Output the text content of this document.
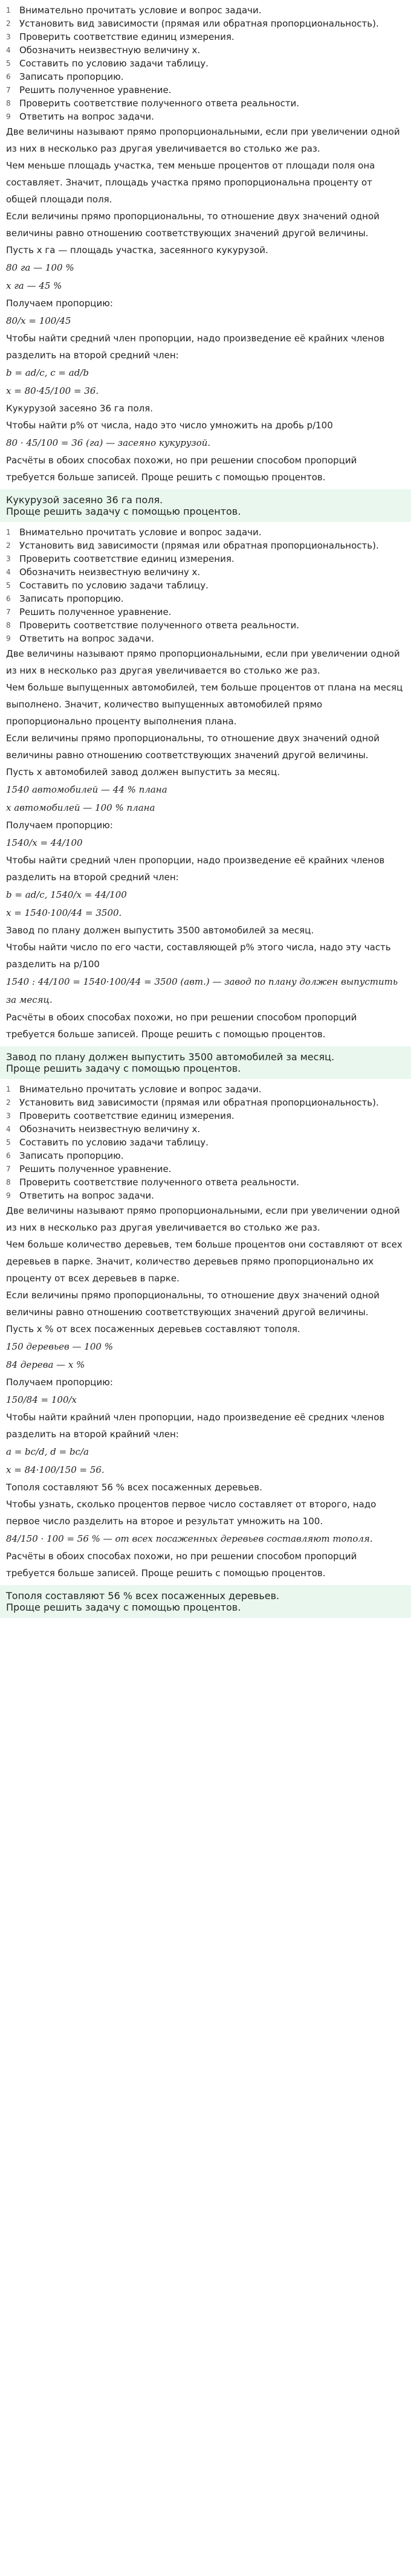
1 Внимательно прочитать условие и вопрос задачи.
2 Установить вид зависимости (прямая или обратная пропорциональность).
3 Проверить соответствие единиц измерения.
4 Обозначить неизвестную величину x.
5 Составить по условию задачи таблицу.
6 Записать пропорцию.
7 Решить полученное уравнение.
8 Проверить соответствие полученного ответа реальности.
9 Ответить на вопрос задачи.

Две величины называют прямо пропорциональными, если при увеличении одной из них в несколько раз другая увеличивается во столько же раз.

Чем меньше площадь участка, тем меньше процентов от площади поля она составляет. Значит, площадь участка прямо пропорциональна проценту от общей площади поля.

Если величины прямо пропорциональны, то отношение двух значений одной величины равно отношению соответствующих значений другой величины.

Пусть x га — площадь участка, засеянного кукурузой.

80 га — 100 %

x га — 45 %

Получаем пропорцию:

80/x = 100/45

Чтобы найти средний член пропорции, надо произведение её крайних членов разделить на второй средний член:

b = ad/c, c = ad/b

x = 80·45/100 = 36.

Кукурузой засеяно 36 га поля.

Чтобы найти p% от числа, надо это число умножить на дробь p/100

80 · 45/100 = 36 (га) — засеяно кукурузой.

Расчёты в обоих способах похожи, но при решении способом пропорций требуется больше записей. Проще решить с помощью процентов.

Кукурузой засеяно 36 га поля.
Проще решить задачу с помощью процентов.
1 Внимательно прочитать условие и вопрос задачи.
2 Установить вид зависимости (прямая или обратная пропорциональность).
3 Проверить соответствие единиц измерения.
4 Обозначить неизвестную величину x.
5 Составить по условию задачи таблицу.
6 Записать пропорцию.
7 Решить полученное уравнение.
8 Проверить соответствие полученного ответа реальности.
9 Ответить на вопрос задачи.

Две величины называют прямо пропорциональными, если при увеличении одной из них в несколько раз другая увеличивается во столько же раз.

Чем больше выпущенных автомобилей, тем больше процентов от плана на месяц выполнено. Значит, количество выпущенных автомобилей прямо пропорционально проценту выполнения плана.

Если величины прямо пропорциональны, то отношение двух значений одной величины равно отношению соответствующих значений другой величины.

Пусть x автомобилей завод должен выпустить за месяц.

1540 автомобилей — 44 % плана

x автомобилей — 100 % плана

Получаем пропорцию:

1540/x = 44/100

Чтобы найти средний член пропорции, надо произведение её крайних членов разделить на второй средний член:

b = ad/c, 1540/x = 44/100

x = 1540·100/44 = 3500.

Завод по плану должен выпустить 3500 автомобилей за месяц.

Чтобы найти число по его части, составляющей p% этого числа, надо эту часть разделить на p/100

1540 : 44/100 = 1540·100/44 = 3500 (авт.) — завод по плану должен выпустить за месяц.

Расчёты в обоих способах похожи, но при решении способом пропорций требуется больше записей. Проще решить с помощью процентов.

Завод по плану должен выпустить 3500 автомобилей за месяц.
Проще решить задачу с помощью процентов.
1 Внимательно прочитать условие и вопрос задачи.
2 Установить вид зависимости (прямая или обратная пропорциональность).
3 Проверить соответствие единиц измерения.
4 Обозначить неизвестную величину x.
5 Составить по условию задачи таблицу.
6 Записать пропорцию.
7 Решить полученное уравнение.
8 Проверить соответствие полученного ответа реальности.
9 Ответить на вопрос задачи.

Две величины называют прямо пропорциональными, если при увеличении одной из них в несколько раз другая увеличивается во столько же раз.

Чем больше количество деревьев, тем больше процентов они составляют от всех деревьев в парке. Значит, количество деревьев прямо пропорционально их проценту от всех деревьев в парке.

Если величины прямо пропорциональны, то отношение двух значений одной величины равно отношению соответствующих значений другой величины.

Пусть x % от всех посаженных деревьев составляют тополя.

150 деревьев — 100 %

84 дерева — x %

Получаем пропорцию:

150/84 = 100/x

Чтобы найти крайний член пропорции, надо произведение её средних членов разделить на второй крайний член:

a = bc/d, d = bc/a

x = 84·100/150 = 56.

Тополя составляют 56 % всех посаженных деревьев.

Чтобы узнать, сколько процентов первое число составляет от второго, надо первое число разделить на второе и результат умножить на 100.

84/150 · 100 = 56 % — от всех посаженных деревьев составляют тополя.

Расчёты в обоих способах похожи, но при решении способом пропорций требуется больше записей. Проще решить с помощью процентов.

Тополя составляют 56 % всех посаженных деревьев.
Проще решить задачу с помощью процентов.
